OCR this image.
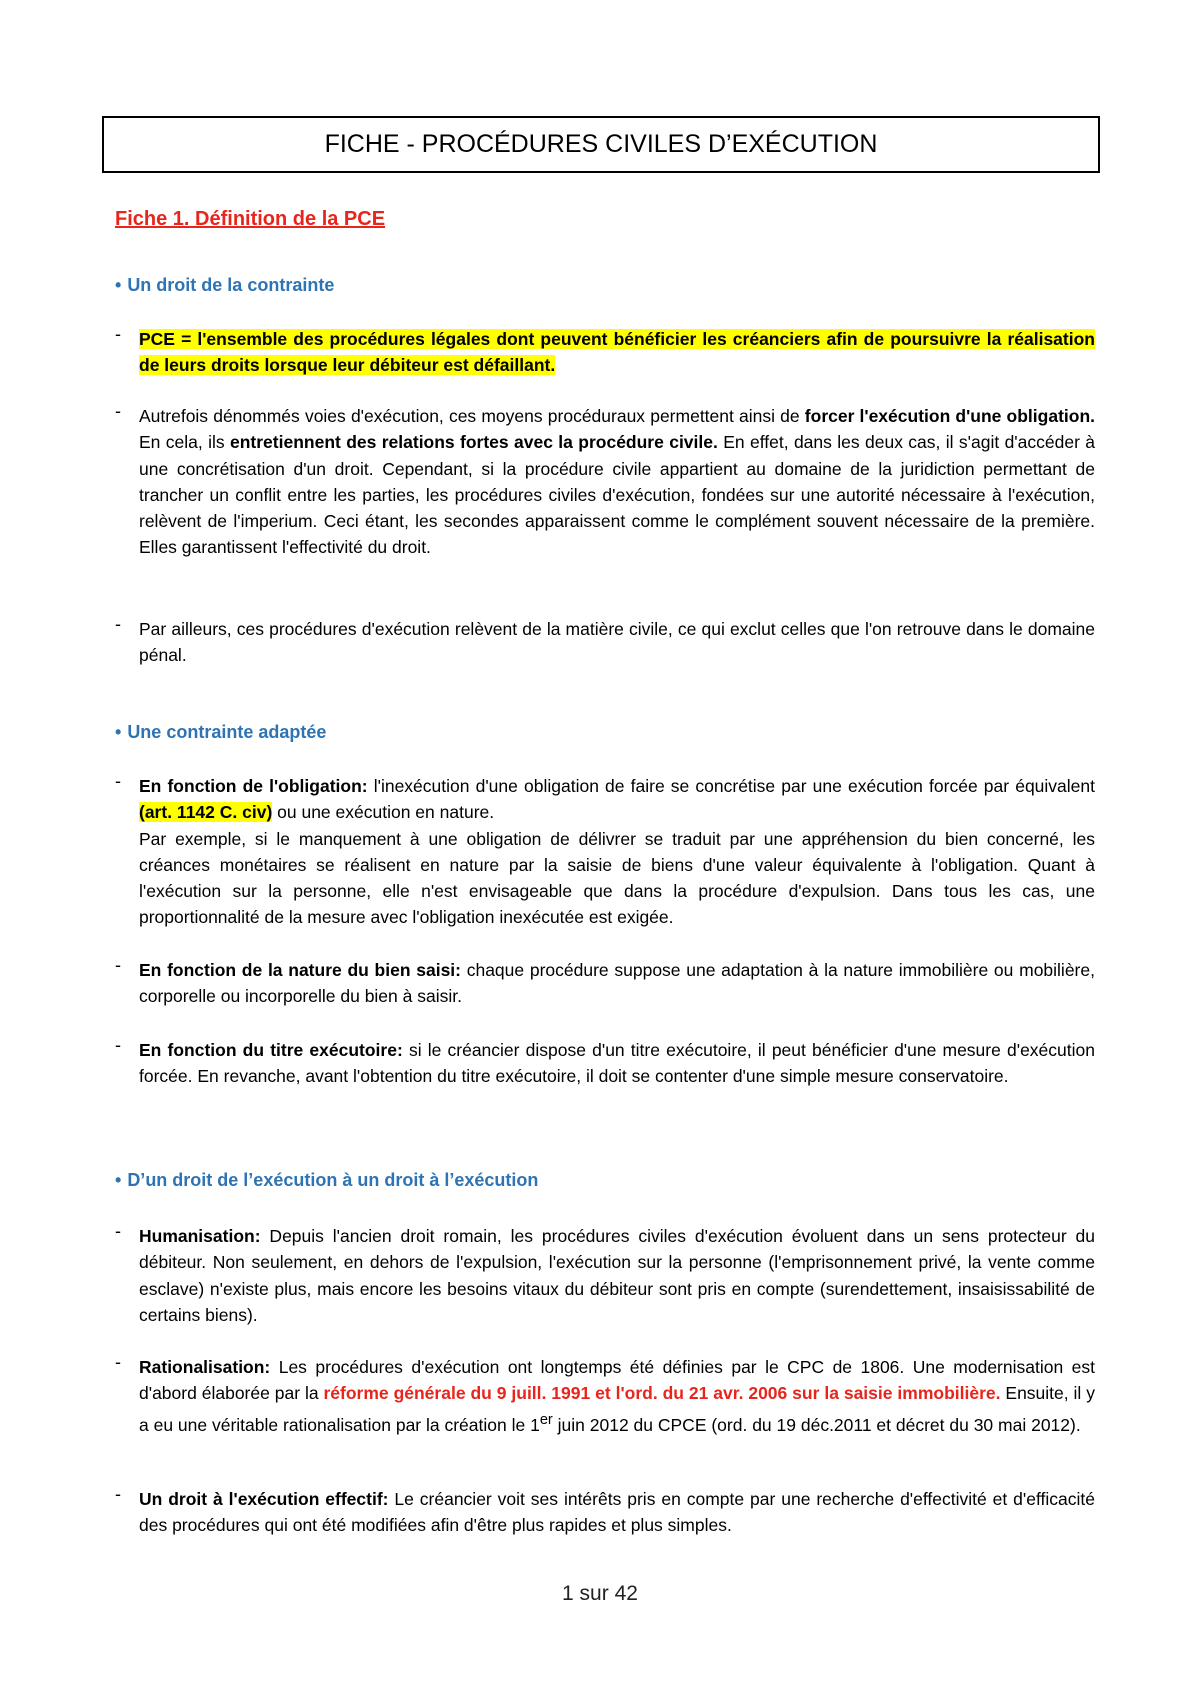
FICHE - PROCÉDURES CIVILES D’EXÉCUTION
Fiche 1. Définition de la PCE
• Un droit de la contrainte
- PCE = l'ensemble des procédures légales dont peuvent bénéficier les créanciers afin de poursuivre la réalisation de leurs droits lorsque leur débiteur est défaillant.
- Autrefois dénommés voies d'exécution, ces moyens procéduraux permettent ainsi de forcer l'exécution d'une obligation. En cela, ils entretiennent des relations fortes avec la procédure civile. En effet, dans les deux cas, il s'agit d'accéder à une concrétisation d'un droit. Cependant, si la procédure civile appartient au domaine de la juridiction permettant de trancher un conflit entre les parties, les procédures civiles d'exécution, fondées sur une autorité nécessaire à l'exécution, relèvent de l'imperium. Ceci étant, les secondes apparaissent comme le complément souvent nécessaire de la première. Elles garantissent l'effectivité du droit.
- Par ailleurs, ces procédures d'exécution relèvent de la matière civile, ce qui exclut celles que l'on retrouve dans le domaine pénal.
• Une contrainte adaptée
- En fonction de l'obligation: l'inexécution d'une obligation de faire se concrétise par une exécution forcée par équivalent (art. 1142 C. civ) ou une exécution en nature.
Par exemple, si le manquement à une obligation de délivrer se traduit par une appréhension du bien concerné, les créances monétaires se réalisent en nature par la saisie de biens d'une valeur équivalente à l'obligation. Quant à l'exécution sur la personne, elle n'est envisageable que dans la procédure d'expulsion. Dans tous les cas, une proportionnalité de la mesure avec l'obligation inexécutée est exigée.
- En fonction de la nature du bien saisi: chaque procédure suppose une adaptation à la nature immobilière ou mobilière, corporelle ou incorporelle du bien à saisir.
- En fonction du titre exécutoire: si le créancier dispose d'un titre exécutoire, il peut bénéficier d'une mesure d'exécution forcée. En revanche, avant l'obtention du titre exécutoire, il doit se contenter d'une simple mesure conservatoire.
• D’un droit de l’exécution à un droit à l’exécution
- Humanisation: Depuis l'ancien droit romain, les procédures civiles d'exécution évoluent dans un sens protecteur du débiteur. Non seulement, en dehors de l'expulsion, l'exécution sur la personne (l'emprisonnement privé, la vente comme esclave) n'existe plus, mais encore les besoins vitaux du débiteur sont pris en compte (surendettement, insaisissabilité de certains biens).
- Rationalisation: Les procédures d'exécution ont longtemps été définies par le CPC de 1806. Une modernisation est d'abord élaborée par la réforme générale du 9 juill. 1991 et l'ord. du 21 avr. 2006 sur la saisie immobilière. Ensuite, il y a eu une véritable rationalisation par la création le 1er juin 2012 du CPCE (ord. du 19 déc.2011 et décret du 30 mai 2012).
- Un droit à l'exécution effectif: Le créancier voit ses intérêts pris en compte par une recherche d'effectivité et d'efficacité des procédures qui ont été modifiées afin d'être plus rapides et plus simples.
1 sur 42
